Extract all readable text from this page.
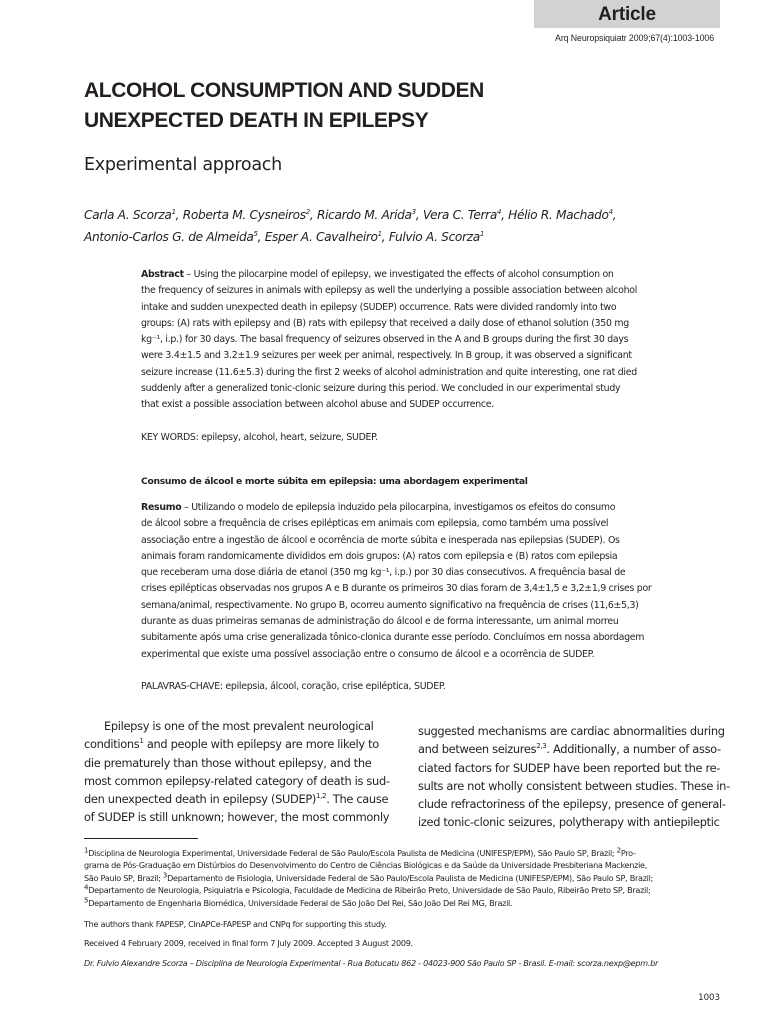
Article
Arq Neuropsiquiatr 2009;67(4):1003-1006
ALCOHOL CONSUMPTION AND SUDDEN
UNEXPECTED DEATH IN EPILEPSY
Experimental approach
Carla A. Scorza$^1$, Roberta M. Cysneiros$^2$, Ricardo M. Arida$^3$, Vera C. Terra$^4$, Hélio R. Machado$^4$,
Antonio-Carlos G. de Almeida$^5$, Esper A. Cavalheiro$^1$, Fulvio A. Scorza$^1$
Abstract – Using the pilocarpine model of epilepsy, we investigated the effects of alcohol consumption on
the frequency of seizures in animals with epilepsy as well the underlying a possible association between alcohol
intake and sudden unexpected death in epilepsy (SUDEP) occurrence. Rats were divided randomly into two
groups: (A) rats with epilepsy and (B) rats with epilepsy that received a daily dose of ethanol solution (350 mg
kg⁻¹, i.p.) for 30 days. The basal frequency of seizures observed in the A and B groups during the first 30 days
were 3.4±1.5 and 3.2±1.9 seizures per week per animal, respectively. In B group, it was observed a significant
seizure increase (11.6±5.3) during the first 2 weeks of alcohol administration and quite interesting, one rat died
suddenly after a generalized tonic-clonic seizure during this period. We concluded in our experimental study
that exist a possible association between alcohol abuse and SUDEP occurrence.
KEY WORDS: epilepsy, alcohol, heart, seizure, SUDEP.
Consumo de álcool e morte súbita em epilepsia: uma abordagem experimental
Resumo – Utilizando o modelo de epilepsia induzido pela pilocarpina, investigamos os efeitos do consumo
de álcool sobre a frequência de crises epilépticas em animais com epilepsia, como também uma possível
associação entre a ingestão de álcool e ocorrência de morte súbita e inesperada nas epilepsias (SUDEP). Os
animais foram randomicamente divididos em dois grupos: (A) ratos com epilepsia e (B) ratos com epilepsia
que receberam uma dose diária de etanol (350 mg kg⁻¹, i.p.) por 30 dias consecutivos. A frequência basal de
crises epilépticas observadas nos grupos A e B durante os primeiros 30 dias foram de 3,4±1,5 e 3,2±1,9 crises por
semana/animal, respectivamente. No grupo B, ocorreu aumento significativo na frequência de crises (11,6±5,3)
durante as duas primeiras semanas de administração do álcool e de forma interessante, um animal morreu
subitamente após uma crise generalizada tônico-clonica durante esse período. Concluímos em nossa abordagem
experimental que existe uma possível associação entre o consumo de álcool e a ocorrência de SUDEP.
PALAVRAS-CHAVE: epilepsia, álcool, coração, crise epiléptica, SUDEP.
Epilepsy is one of the most prevalent neurological
conditions$^1$ and people with epilepsy are more likely to
die prematurely than those without epilepsy, and the
most common epilepsy-related category of death is sud-
den unexpected death in epilepsy (SUDEP)$^{1,2}$. The cause
of SUDEP is still unknown; however, the most commonly
suggested mechanisms are cardiac abnormalities during
and between seizures$^{2,3}$. Additionally, a number of asso-
ciated factors for SUDEP have been reported but the re-
sults are not wholly consistent between studies. These in-
clude refractoriness of the epilepsy, presence of general-
ized tonic-clonic seizures, polytherapy with antiepileptic
$^1$Disciplina de Neurologia Experimental, Universidade Federal de São Paulo/Escola Paulista de Medicina (UNIFESP/EPM), São Paulo SP, Brazil; $^2$Pro-
grama de Pós-Graduação em Distúrbios do Desenvolvimento do Centro de Ciências Biológicas e da Saúde da Universidade Presbiteriana Mackenzie,
São Paulo SP, Brazil; $^3$Departamento de Fisiologia, Universidade Federal de São Paulo/Escola Paulista de Medicina (UNIFESP/EPM), São Paulo SP, Brazil;
$^4$Departamento de Neurologia, Psiquiatria e Psicologia, Faculdade de Medicina de Ribeirão Preto, Universidade de São Paulo, Ribeirão Preto SP, Brazil;
$^5$Departamento de Engenharia Biomédica, Universidade Federal de São João Del Rei, São João Del Rei MG, Brazil.
The authors thank FAPESP, CInAPCe-FAPESP and CNPq for supporting this study.
Received 4 February 2009, received in final form 7 July 2009. Accepted 3 August 2009.
Dr. Fulvio Alexandre Scorza – Disciplina de Neurologia Experimental - Rua Botucatu 862 - 04023-900 São Paulo SP - Brasil. E-mail: scorza.nexp@epm.br
1003
